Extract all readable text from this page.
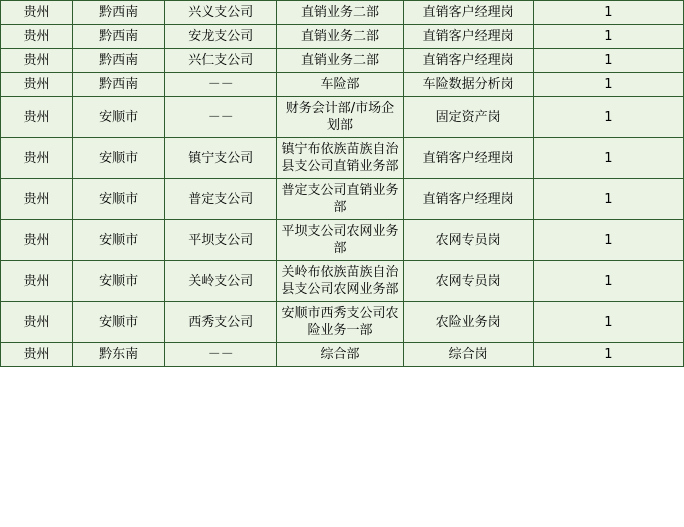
贵州	黔西南	兴义支公司	直销业务二部	直销客户经理岗	1
贵州	黔西南	安龙支公司	直销业务二部	直销客户经理岗	1
贵州	黔西南	兴仁支公司	直销业务二部	直销客户经理岗	1
贵州	黔西南	－－	车险部	车险数据分析岗	1
贵州	安顺市	－－	财务会计部/市场企划部	固定资产岗	1
贵州	安顺市	镇宁支公司	镇宁布依族苗族自治县支公司直销业务部	直销客户经理岗	1
贵州	安顺市	普定支公司	普定支公司直销业务部	直销客户经理岗	1
贵州	安顺市	平坝支公司	平坝支公司农网业务部	农网专员岗	1
贵州	安顺市	关岭支公司	关岭布依族苗族自治县支公司农网业务部	农网专员岗	1
贵州	安顺市	西秀支公司	安顺市西秀支公司农险业务一部	农险业务岗	1
贵州	黔东南	－－	综合部	综合岗	1
